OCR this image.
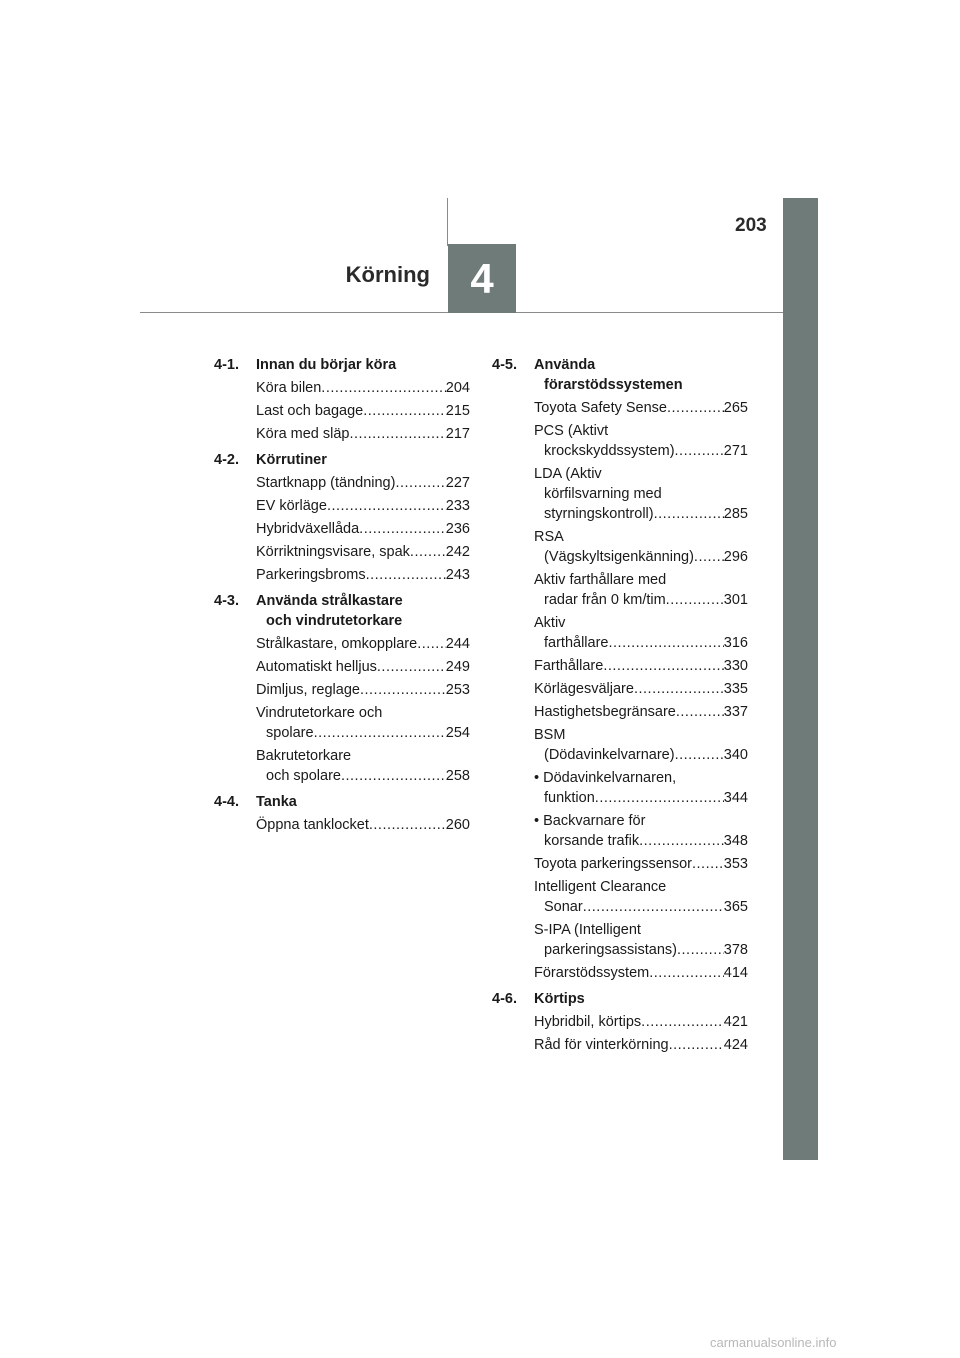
4
Körning
203
4-1.	Innan du börjar köra
Köra bilen .....	204
Last och bagage .....	215
Köra med släp .....	217
4-2.	Körrutiner
Startknapp (tändning) .....	227
EV körläge .....	233
Hybridväxellåda .....	236
Körriktningsvisare, spak ..... 242
Parkeringsbroms .....	243
4-3.	Använda strålkastare
och vindrutetorkare
Strålkastare, omkopplare ..... 244
Automatiskt helljus .....	249
Dimljus, reglage .....	253
Vindrutetorkare och
spolare .....	254
Bakrutetorkare
och spolare .....	258
4-4.	Tanka
Öppna tanklocket .....	260
4-5.	Använda
förarstödssystemen
Toyota Safety Sense .....	265
PCS (Aktivt
krockskyddssystem) .....	271
LDA (Aktiv
körfilsvarning med
styrningskontroll) .....	285
RSA
(Vägskyltsigenkänning) ..... 296
Aktiv farthållare med
radar från 0 km/tim .....	301
Aktiv
farthållare .....	316
Farthållare .....	330
Körlägesväljare .....	335
Hastighetsbegränsare .....	337
BSM
(Dödavinkelvarnare) .....	340
• Dödavinkelvarnaren,
funktion .....	344
• Backvarnare för
korsande trafik .....	348
Toyota parkeringssensor ..... 353
Intelligent Clearance
Sonar .....	365
S-IPA (Intelligent
parkeringsassistans) .....	378
Förarstödssystem .....	414
4-6.	Körtips
Hybridbil, körtips .....	421
Råd för vinterkörning .....	424
carmanualsonline.info
